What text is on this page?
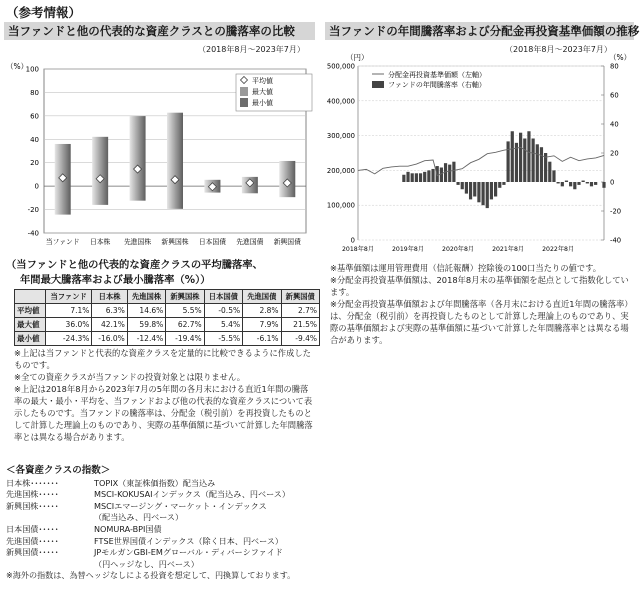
（参考情報）
当ファンドと他の代表的な資産クラスとの騰落率の比較	当ファンドの年間騰落率および分配金再投資基準価額の推移
（2018年8月～2023年7月）	（2018年8月～2023年7月）
（%）
100
80
60
40
20
0
-20
-40
当ファンド 日本株 先進国株 新興国株 日本国債 先進国債 新興国債
平均値
最大値
最小値
（円）	（%）
500,000
400,000
300,000
200,000
100,000
0
80
60
40
20
0
-20
-40
2018年8月	2019年8月	2020年8月	2021年8月	2022年8月
分配金再投資基準価額（左軸）
ファンドの年間騰落率（右軸）
（当ファンドと他の代表的な資産クラスの平均騰落率、
年間最大騰落率および最小騰落率（%））
	当ファンド	日本株	先進国株	新興国株	日本国債	先進国債	新興国債
平均値	7.1%	6.3%	14.6%	5.5%	-0.5%	2.8%	2.7%
最大値	36.0%	42.1%	59.8%	62.7%	5.4%	7.9%	21.5%
最小値	-24.3%	-16.0%	-12.4%	-19.4%	-5.5%	-6.1%	-9.4%

※上記は当ファンドと代表的な資産クラスを定量的に比較できるように作成したものです。

※全ての資産クラスが当ファンドの投資対象とは限りません。

※上記は2018年8月から2023年7月の5年間の各月末における直近1年間の騰落率の最大・最小・平均を、当ファンドおよび他の代表的な資産クラスについて表示したものです。当ファンドの騰落率は、分配金（税引前）を再投資したものとして計算した理論上のものであり、実際の基準価額に基づいて計算した年間騰落率とは異なる場合があります。

※基準価額は運用管理費用（信託報酬）控除後の100口当たりの値です。

※分配金再投資基準価額は、2018年8月末の基準価額を起点として指数化しています。

※分配金再投資基準価額および年間騰落率（各月末における直近1年間の騰落率）は、分配金（税引前）を再投資したものとして計算した理論上のものであり、実際の基準価額および実際の基準価額に基づいて計算した年間騰落率とは異なる場合があります。

＜各資産クラスの指数＞
日本株･･･････	TOPIX（東証株価指数）配当込み
先進国株･････	MSCI-KOKUSAIインデックス（配当込み、円ベース）
新興国株･････	MSCIエマージング・マーケット・インデックス
（配当込み、円ベース）
日本国債･････	NOMURA-BPI国債
先進国債･････	FTSE世界国債インデックス（除く日本、円ベース）
新興国債･････	JPモルガンGBI-EMグローバル・ディバーシファイド
（円ヘッジなし、円ベース）
※海外の指数は、為替ヘッジなしによる投資を想定して、円換算しております。
